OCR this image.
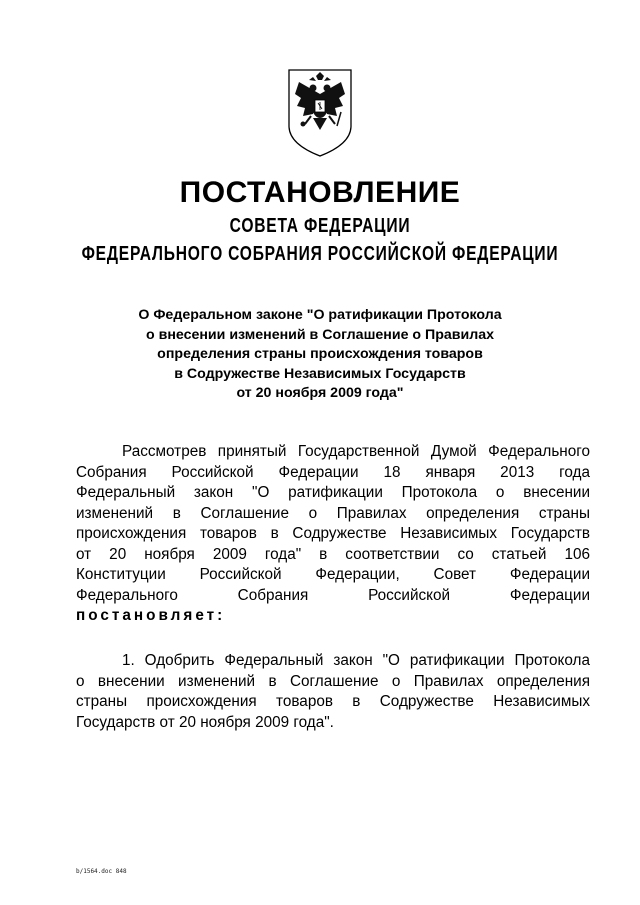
ПОСТАНОВЛЕНИЕ
СОВЕТА ФЕДЕРАЦИИ
ФЕДЕРАЛЬНОГО СОБРАНИЯ РОССИЙСКОЙ ФЕДЕРАЦИИ
О Федеральном законе "О ратификации Протокола
о внесении изменений в Соглашение о Правилах
определения страны происхождения товаров
в Содружестве Независимых Государств
от 20 ноября 2009 года"
Рассмотрев принятый Государственной Думой Федерального
Собрания Российской Федерации 18 января 2013 года
Федеральный закон "О ратификации Протокола о внесении
изменений в Соглашение о Правилах определения страны
происхождения товаров в Содружестве Независимых Государств
от 20 ноября 2009 года" в соответствии со статьей 106
Конституции Российской Федерации, Совет Федерации
Федерального Собрания Российской Федерации
постановляет:
1. Одобрить Федеральный закон "О ратификации Протокола
о внесении изменений в Соглашение о Правилах определения
страны происхождения товаров в Содружестве Независимых
Государств от 20 ноября 2009 года".
b/1564.doc 848
